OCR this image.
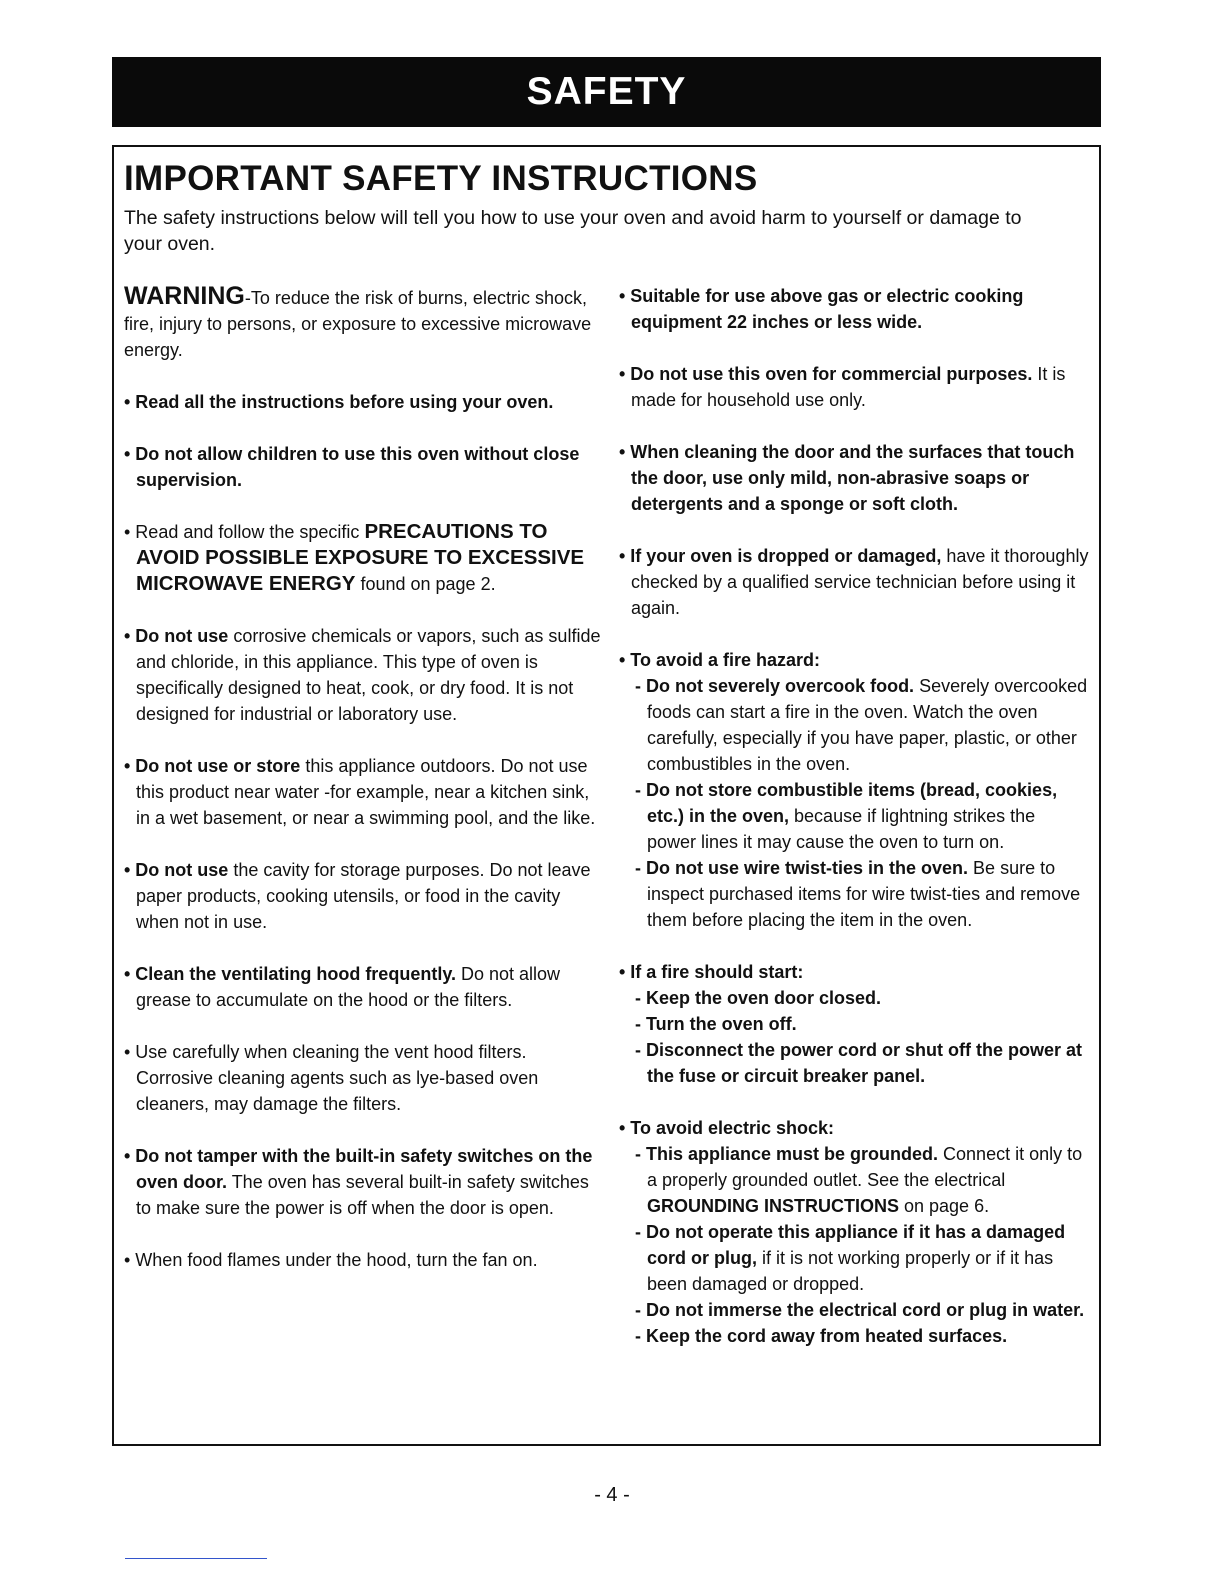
SAFETY
IMPORTANT SAFETY INSTRUCTIONS

The safety instructions below will tell you how to use your oven and avoid harm to yourself or damage to your oven.

WARNING-To reduce the risk of burns, electric shock, fire, injury to persons, or exposure to excessive microwave energy.

• Read all the instructions before using your oven.

• Do not allow children to use this oven without close supervision.

• Read and follow the specific PRECAUTIONS TO AVOID POSSIBLE EXPOSURE TO EXCESSIVE MICROWAVE ENERGY found on page 2.

• Do not use corrosive chemicals or vapors, such as sulfide and chloride, in this appliance. This type of oven is specifically designed to heat, cook, or dry food. It is not designed for industrial or laboratory use.

• Do not use or store this appliance outdoors. Do not use this product near water -for example, near a kitchen sink, in a wet basement, or near a swimming pool, and the like.

• Do not use the cavity for storage purposes. Do not leave paper products, cooking utensils, or food in the cavity when not in use.

• Clean the ventilating hood frequently. Do not allow grease to accumulate on the hood or the filters.

• Use carefully when cleaning the vent hood filters. Corrosive cleaning agents such as lye-based oven cleaners, may damage the filters.

• Do not tamper with the built-in safety switches on the oven door. The oven has several built-in safety switches to make sure the power is off when the door is open.

• When food flames under the hood, turn the fan on.

• Suitable for use above gas or electric cooking equipment 22 inches or less wide.

• Do not use this oven for commercial purposes. It is made for household use only.

• When cleaning the door and the surfaces that touch the door, use only mild, non-abrasive soaps or detergents and a sponge or soft cloth.

• If your oven is dropped or damaged, have it thoroughly checked by a qualified service technician before using it again.

• To avoid a fire hazard:

- Do not severely overcook food. Severely overcooked foods can start a fire in the oven. Watch the oven carefully, especially if you have paper, plastic, or other combustibles in the oven.

- Do not store combustible items (bread, cookies, etc.) in the oven, because if lightning strikes the power lines it may cause the oven to turn on.

- Do not use wire twist-ties in the oven. Be sure to inspect purchased items for wire twist-ties and remove them before placing the item in the oven.

• If a fire should start:

- Keep the oven door closed.

- Turn the oven off.

- Disconnect the power cord or shut off the power at the fuse or circuit breaker panel.

• To avoid electric shock:

- This appliance must be grounded. Connect it only to a properly grounded outlet. See the electrical GROUNDING INSTRUCTIONS on page 6.

- Do not operate this appliance if it has a damaged cord or plug, if it is not working properly or if it has been damaged or dropped.

- Do not immerse the electrical cord or plug in water.

- Keep the cord away from heated surfaces.

- 4 -
